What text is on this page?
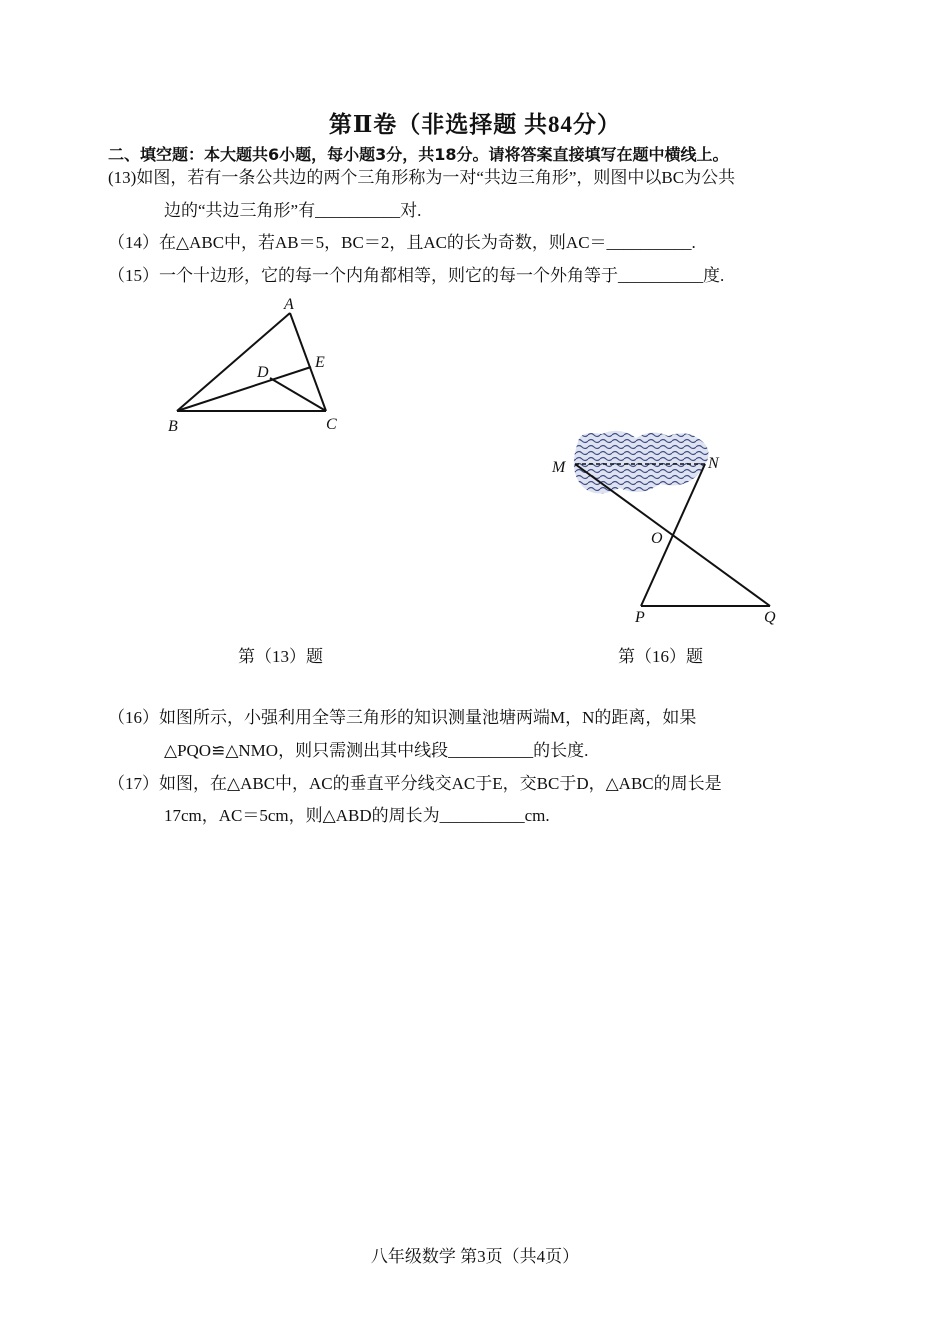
第Ⅱ卷（非选择题 共84分）
二、填空题：本大题共6小题，每小题3分，共18分。请将答案直接填写在题中横线上。
(13)如图，若有一条公共边的两个三角形称为一对“共边三角形”，则图中以BC为公共
边的“共边三角形”有__________对.
（14）在△ABC中，若AB＝5，BC＝2，且AC的长为奇数，则AC＝__________.
（15）一个十边形，它的每一个内角都相等，则它的每一个外角等于__________度.
A
B	C
D
E
M	N
O
P	Q
第（13）题	第（16）题
（16）如图所示，小强利用全等三角形的知识测量池塘两端M，N的距离，如果
△PQO≌△NMO，则只需测出其中线段__________的长度.
（17）如图，在△ABC中，AC的垂直平分线交AC于E，交BC于D，△ABC的周长是
17cm，AC＝5cm，则△ABD的周长为__________cm.
八年级数学 第3页（共4页）
